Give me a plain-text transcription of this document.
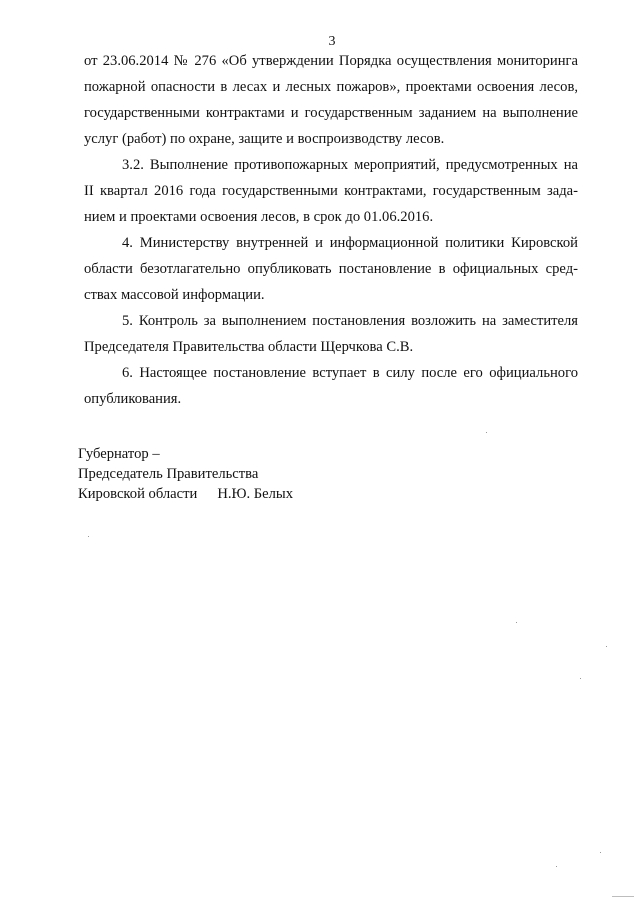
3

от 23.06.2014 № 276 «Об утверждении Порядка осуществления мониторинга пожарной опасности в лесах и лесных пожаров», проектами освоения лесов, государственными контрактами и государственным заданием на выполнение услуг (работ) по охране, защите и воспроизводству лесов.

3.2. Выполнение противопожарных мероприятий, предусмотренных на II квартал 2016 года государственными контрактами, государственным заданием и проектами освоения лесов, в срок до 01.06.2016.

4. Министерству внутренней и информационной политики Кировской области безотлагательно опубликовать постановление в официальных средствах массовой информации.

5. Контроль за выполнением постановления возложить на заместителя Председателя Правительства области Щерчкова С.В.

6. Настоящее постановление вступает в силу после его официального опубликования.

Губернатор –
Председатель Правительства
Кировской области Н.Ю. Белых
